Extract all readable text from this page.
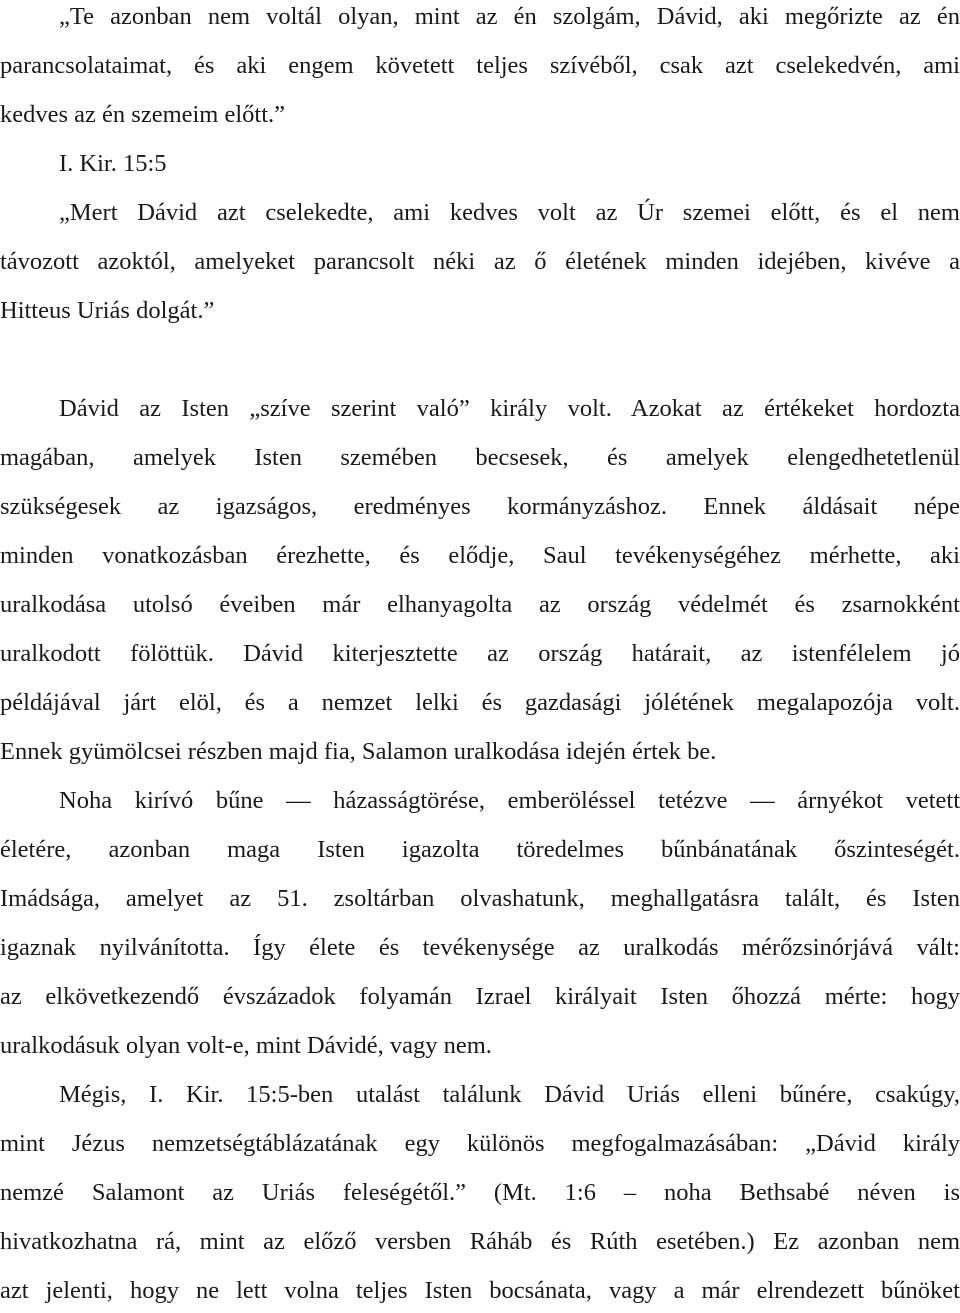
„Te azonban nem voltál olyan, mint az én szolgám, Dávid, aki megőrizte az én
parancsolataimat, és aki engem követett teljes szívéből, csak azt cselekedvén, ami
kedves az én szemeim előtt.”
I. Kir. 15:5
„Mert Dávid azt cselekedte, ami kedves volt az Úr szemei előtt, és el nem
távozott azoktól, amelyeket parancsolt néki az ő életének minden idejében, kivéve a
Hitteus Uriás dolgát.”
Dávid az Isten „szíve szerint való” király volt. Azokat az értékeket hordozta
magában, amelyek Isten szemében becsesek, és amelyek elengedhetetlenül
szükségesek az igazságos, eredményes kormányzáshoz. Ennek áldásait népe
minden vonatkozásban érezhette, és elődje, Saul tevékenységéhez mérhette, aki
uralkodása utolsó éveiben már elhanyagolta az ország védelmét és zsarnokként
uralkodott fölöttük. Dávid kiterjesztette az ország határait, az istenfélelem jó
példájával járt elöl, és a nemzet lelki és gazdasági jólétének megalapozója volt.
Ennek gyümölcsei részben majd fia, Salamon uralkodása idején értek be.
Noha kirívó bűne — házasságtörése, emberöléssel tetézve — árnyékot vetett
életére, azonban maga Isten igazolta töredelmes bűnbánatának őszinteségét.
Imádsága, amelyet az 51. zsoltárban olvashatunk, meghallgatásra talált, és Isten
igaznak nyilvánította. Így élete és tevékenysége az uralkodás mérőzsinórjává vált:
az elkövetkezendő évszázadok folyamán Izrael királyait Isten őhozzá mérte: hogy
uralkodásuk olyan volt-e, mint Dávidé, vagy nem.
Mégis, I. Kir. 15:5-ben utalást találunk Dávid Uriás elleni bűnére, csakúgy,
mint Jézus nemzetségtáblázatának egy különös megfogalmazásában: „Dávid király
nemzé Salamont az Uriás feleségétől.” (Mt. 1:6 – noha Bethsabé néven is
hivatkozhatna rá, mint az előző versben Ráháb és Rúth esetében.) Ez azonban nem
azt jelenti, hogy ne lett volna teljes Isten bocsánata, vagy a már elrendezett bűnöket
